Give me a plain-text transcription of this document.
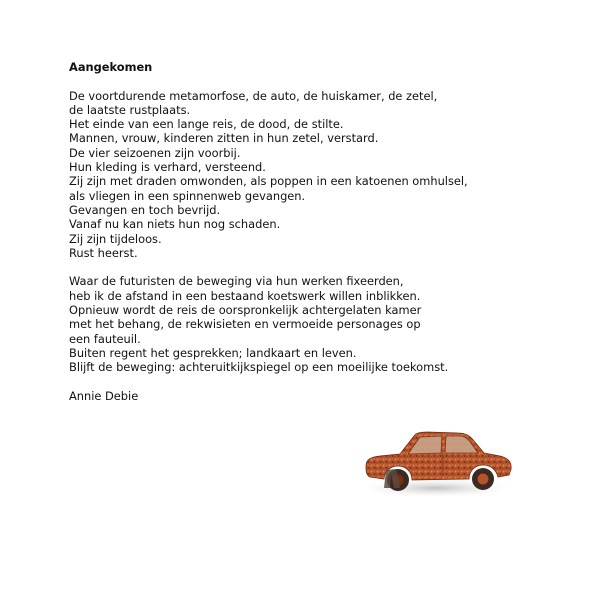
Aangekomen
De voortdurende metamorfose, de auto, de huiskamer, de zetel,
de laatste rustplaats.
Het einde van een lange reis, de dood, de stilte.
Mannen, vrouw, kinderen zitten in hun zetel, verstard.
De vier seizoenen zijn voorbij.
Hun kleding is verhard, versteend.
Zij zijn met draden omwonden, als poppen in een katoenen omhulsel,
als vliegen in een spinnenweb gevangen.
Gevangen en toch bevrijd.
Vanaf nu kan niets hun nog schaden.
Zij zijn tijdeloos.
Rust heerst.
Waar de futuristen de beweging via hun werken fixeerden,
heb ik de afstand in een bestaand koetswerk willen inblikken.
Opnieuw wordt de reis de oorspronkelijk achtergelaten kamer
met het behang, de rekwisieten en vermoeide personages op
een fauteuil.
Buiten regent het gesprekken; landkaart en leven.
Blijft de beweging: achteruitkijkspiegel op een moeilijke toekomst.
Annie Debie
